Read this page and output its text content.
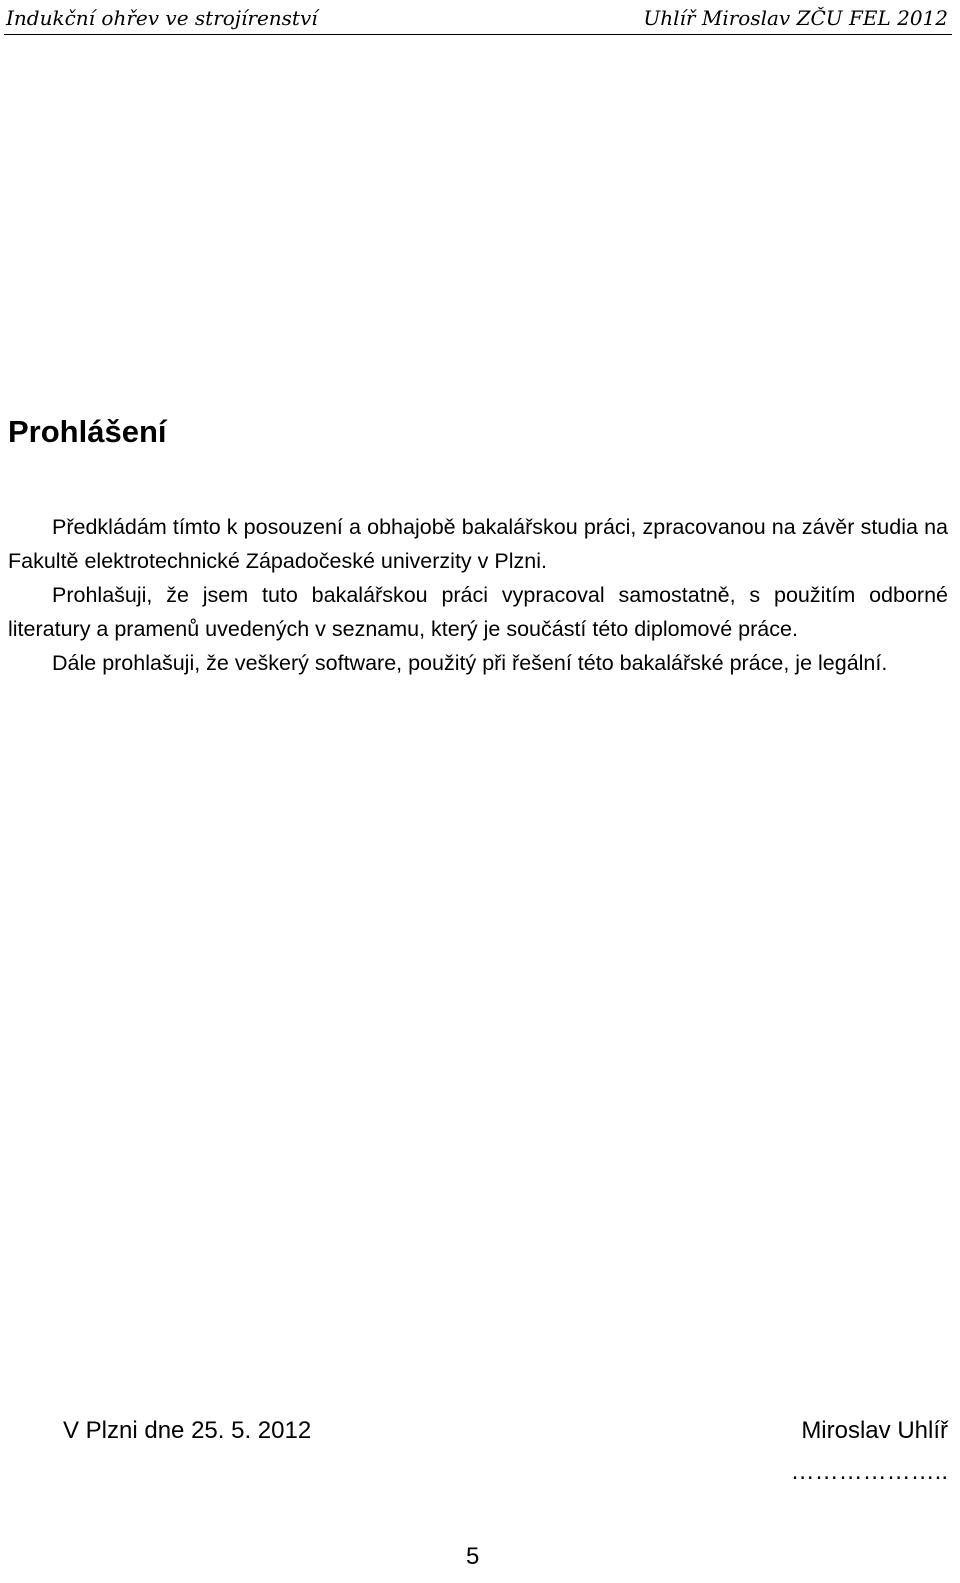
Indukční ohřev ve strojírenství	Uhlíř Miroslav ZČU FEL 2012
Prohlášení

Předkládám tímto k posouzení a obhajobě bakalářskou práci, zpracovanou na závěr studia na Fakultě elektrotechnické Západočeské univerzity v Plzni.

Prohlašuji, že jsem tuto bakalářskou práci vypracoval samostatně, s použitím odborné literatury a pramenů uvedených v seznamu, který je součástí této diplomové práce.

Dále prohlašuji, že veškerý software, použitý při řešení této bakalářské práce, je legální.

V Plzni dne 25. 5. 2012	Miroslav Uhlíř
………………..
5
